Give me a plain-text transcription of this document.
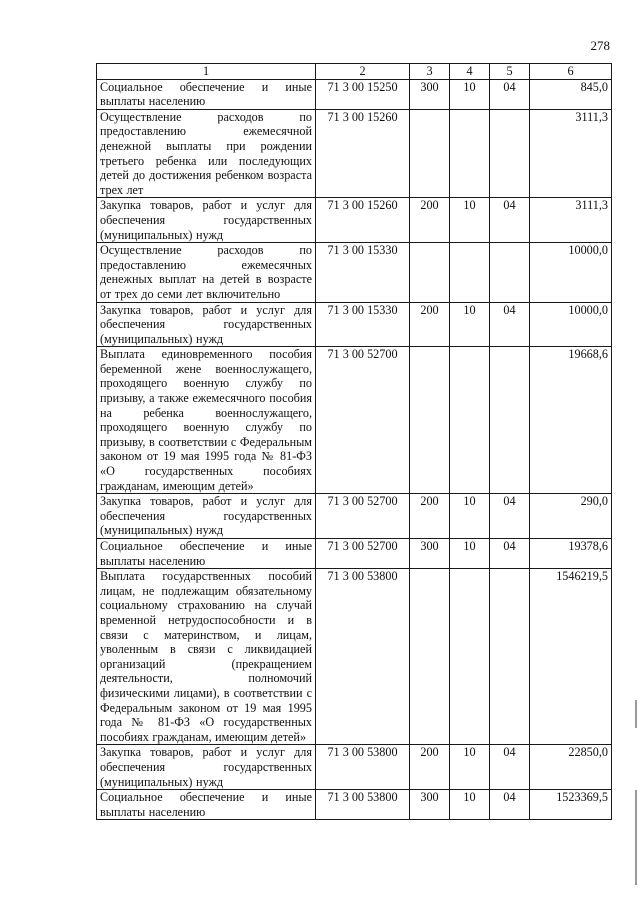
278
1	2	3	4	5	6
Социальное обеспечение и иные выплаты населению	71 3 00 15250	300	10	04	845,0
Осуществление расходов по предоставлению ежемесячной денежной выплаты при рождении третьего ребенка или последующих детей до достижения ребенком возраста трех лет	71 3 00 15260				3111,3
Закупка товаров, работ и услуг для обеспечения государственных (муниципальных) нужд	71 3 00 15260	200	10	04	3111,3
Осуществление расходов по предоставлению ежемесячных денежных выплат на детей в возрасте от трех до семи лет включительно	71 3 00 15330				10000,0
Закупка товаров, работ и услуг для обеспечения государственных (муниципальных) нужд	71 3 00 15330	200	10	04	10000,0
Выплата единовременного пособия беременной жене военнослужащего, проходящего военную службу по призыву, а также ежемесячного пособия на ребенка военнослужащего, проходящего военную службу по призыву, в соответствии с Федеральным законом от 19 мая 1995 года № 81-ФЗ «О государственных пособиях гражданам, имеющим детей»	71 3 00 52700				19668,6
Закупка товаров, работ и услуг для обеспечения государственных (муниципальных) нужд	71 3 00 52700	200	10	04	290,0
Социальное обеспечение и иные выплаты населению	71 3 00 52700	300	10	04	19378,6
Выплата государственных пособий лицам, не подлежащим обязательному социальному страхованию на случай временной нетрудоспособности и в связи с материнством, и лицам, уволенным в связи с ликвидацией организаций (прекращением деятельности, полномочий физическими лицами), в соответствии с Федеральным законом от 19 мая 1995 года № 81-ФЗ «О государственных пособиях гражданам, имеющим детей»	71 3 00 53800				1546219,5
Закупка товаров, работ и услуг для обеспечения государственных (муниципальных) нужд	71 3 00 53800	200	10	04	22850,0
Социальное обеспечение и иные выплаты населению	71 3 00 53800	300	10	04	1523369,5
